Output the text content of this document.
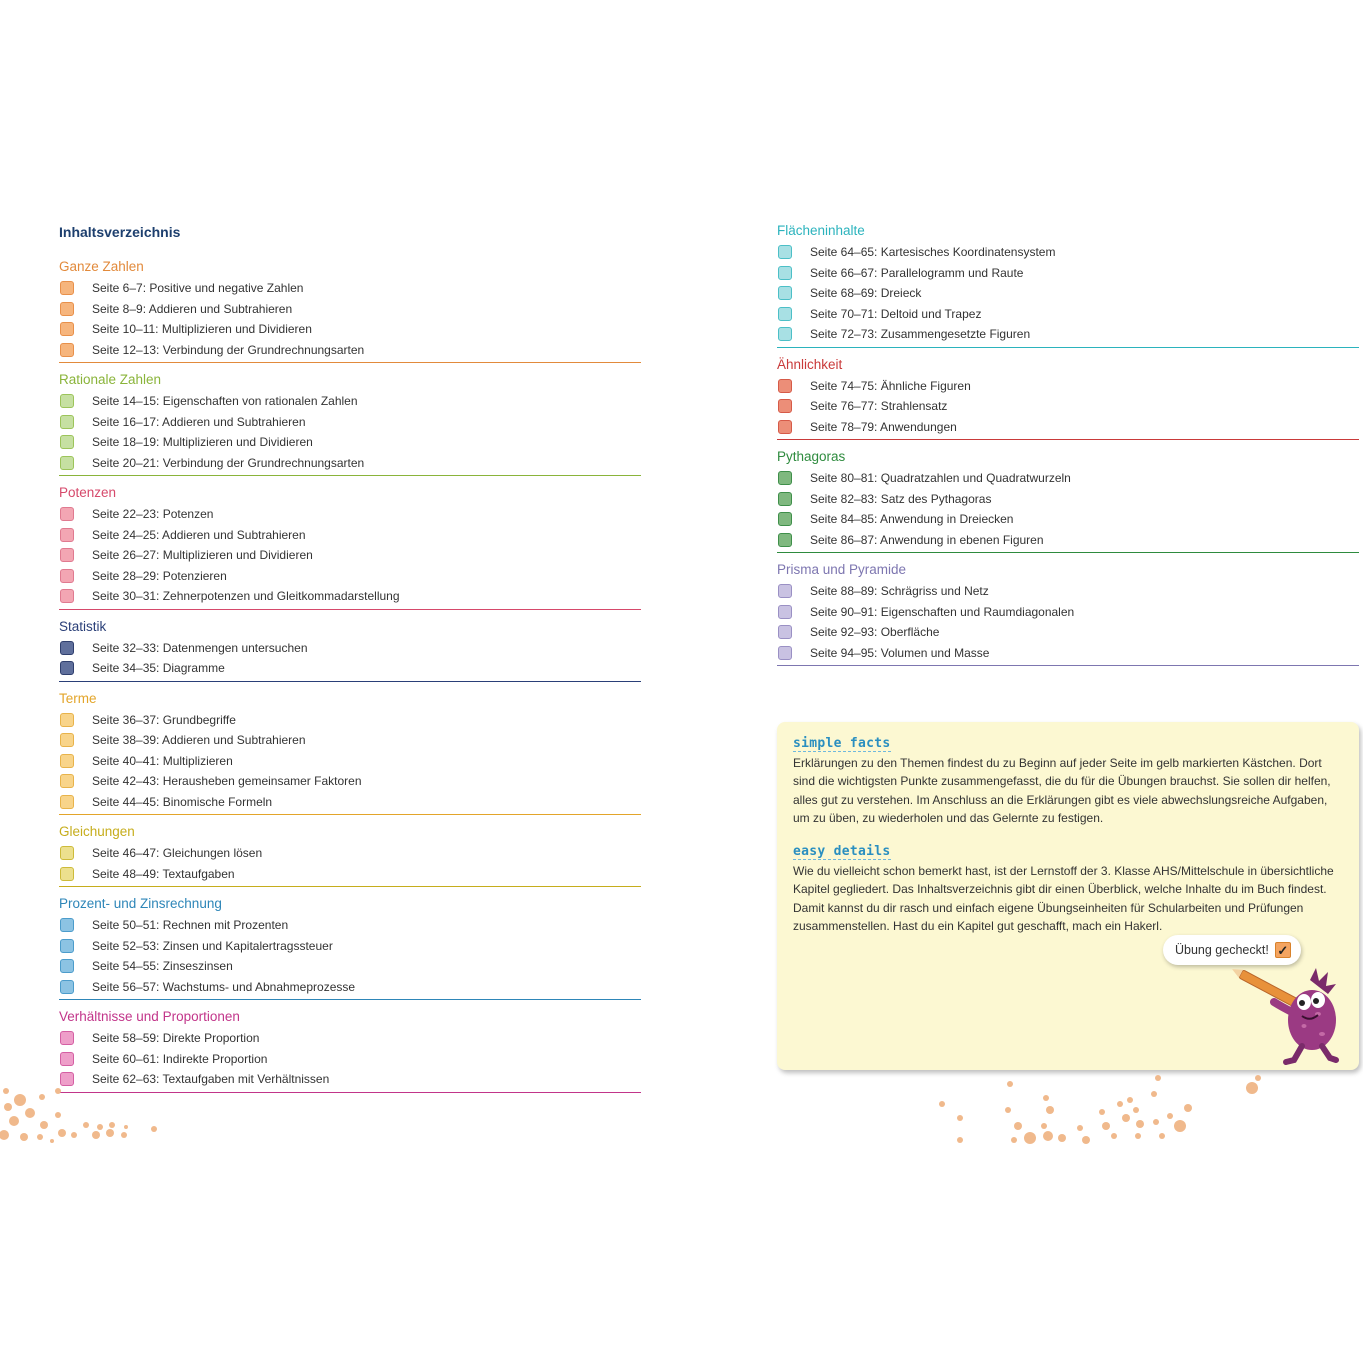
Inhaltsverzeichnis
Ganze Zahlen
Seite 6–7: Positive und negative Zahlen
Seite 8–9: Addieren und Subtrahieren
Seite 10–11: Multiplizieren und Dividieren
Seite 12–13: Verbindung der Grundrechnungsarten
Rationale Zahlen
Seite 14–15: Eigenschaften von rationalen Zahlen
Seite 16–17: Addieren und Subtrahieren
Seite 18–19: Multiplizieren und Dividieren
Seite 20–21: Verbindung der Grundrechnungsarten
Potenzen
Seite 22–23: Potenzen
Seite 24–25: Addieren und Subtrahieren
Seite 26–27: Multiplizieren und Dividieren
Seite 28–29: Potenzieren
Seite 30–31: Zehnerpotenzen und Gleitkommadarstellung
Statistik
Seite 32–33: Datenmengen untersuchen
Seite 34–35: Diagramme
Terme
Seite 36–37: Grundbegriffe
Seite 38–39: Addieren und Subtrahieren
Seite 40–41: Multiplizieren
Seite 42–43: Herausheben gemeinsamer Faktoren
Seite 44–45: Binomische Formeln
Gleichungen
Seite 46–47: Gleichungen lösen
Seite 48–49: Textaufgaben
Prozent- und Zinsrechnung
Seite 50–51: Rechnen mit Prozenten
Seite 52–53: Zinsen und Kapitalertragssteuer
Seite 54–55: Zinseszinsen
Seite 56–57: Wachstums- und Abnahmeprozesse
Verhältnisse und Proportionen
Seite 58–59: Direkte Proportion
Seite 60–61: Indirekte Proportion
Seite 62–63: Textaufgaben mit Verhältnissen
Flächeninhalte
Seite 64–65: Kartesisches Koordinatensystem
Seite 66–67: Parallelogramm und Raute
Seite 68–69: Dreieck
Seite 70–71: Deltoid und Trapez
Seite 72–73: Zusammengesetzte Figuren
Ähnlichkeit
Seite 74–75: Ähnliche Figuren
Seite 76–77: Strahlensatz
Seite 78–79: Anwendungen
Pythagoras
Seite 80–81: Quadratzahlen und Quadratwurzeln
Seite 82–83: Satz des Pythagoras
Seite 84–85: Anwendung in Dreiecken
Seite 86–87: Anwendung in ebenen Figuren
Prisma und Pyramide
Seite 88–89: Schrägriss und Netz
Seite 90–91: Eigenschaften und Raumdiagonalen
Seite 92–93: Oberfläche
Seite 94–95: Volumen und Masse
simple facts

Erklärungen zu den Themen findest du zu Beginn auf jeder Seite im gelb markierten Kästchen. Dort sind die wichtigsten Punkte zusammengefasst, die du für die Übungen brauchst. Sie sollen dir helfen, alles gut zu verstehen. Im Anschluss an die Erklärungen gibt es viele abwechslungsreiche Aufgaben, um zu üben, zu wiederholen und das Gelernte zu festigen.

easy details

Wie du vielleicht schon bemerkt hast, ist der Lernstoff der 3. Klasse AHS/Mittelschule in übersichtliche Kapitel gegliedert. Das Inhaltsverzeichnis gibt dir einen Überblick, welche Inhalte du im Buch findest. Damit kannst du dir rasch und einfach eigene Übungseinheiten für Schularbeiten und Prüfungen zusammenstellen. Hast du ein Kapitel gut geschafft, mach ein Hakerl.

Übung gecheckt! ✓
